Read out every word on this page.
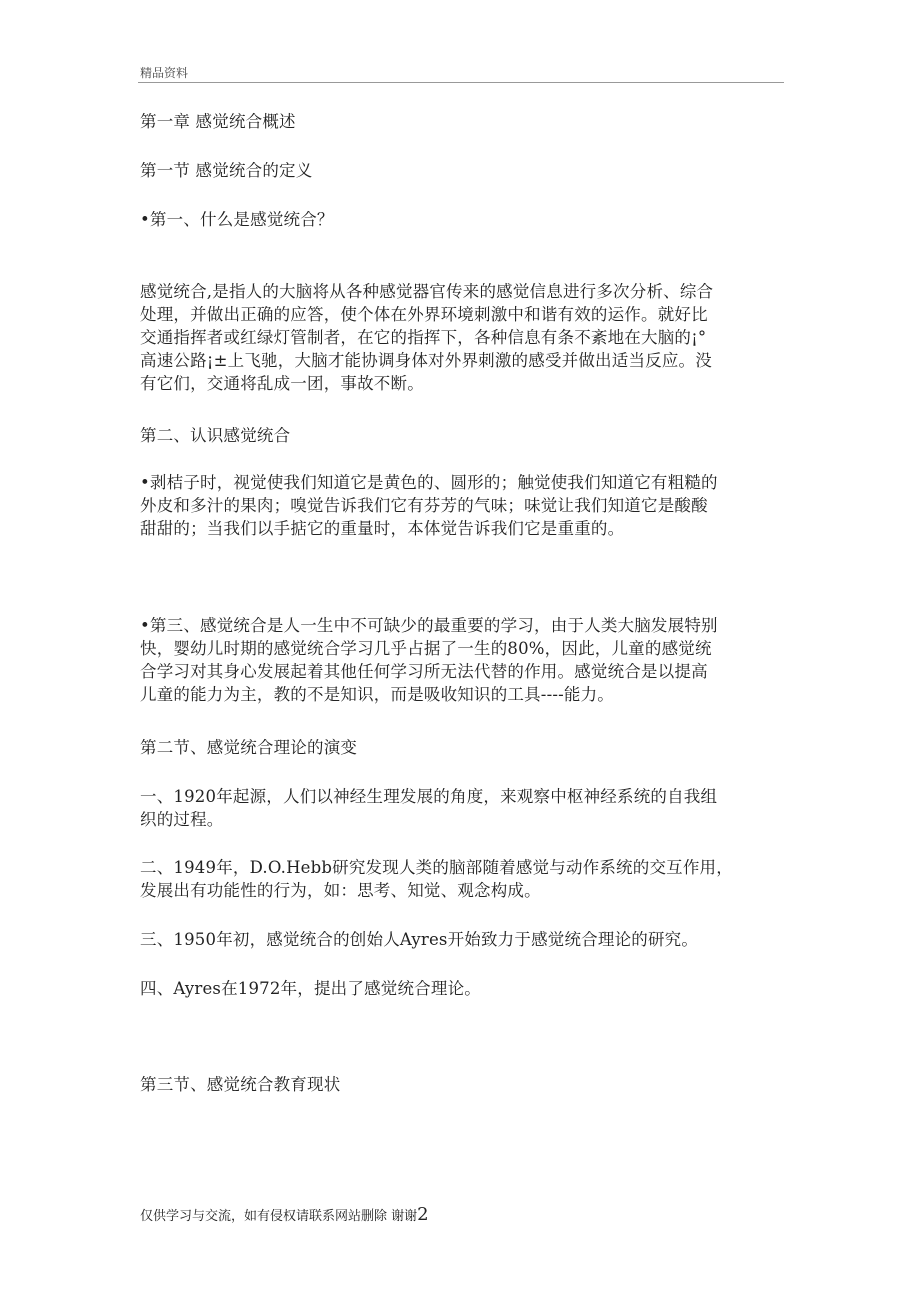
精品资料

第一章 感觉统合概述

第一节 感觉统合的定义

•第一、什么是感觉统合？

感觉统合,是指人的大脑将从各种感觉器官传来的感觉信息进行多次分析、综合

处理，并做出正确的应答，使个体在外界环境刺激中和谐有效的运作。就好比

交通指挥者或红绿灯管制者，在它的指挥下，各种信息有条不紊地在大脑的¡°

高速公路¡±上飞驰，大脑才能协调身体对外界刺激的感受并做出适当反应。没

有它们，交通将乱成一团，事故不断。

第二、认识感觉统合

•剥桔子时，视觉使我们知道它是黄色的、圆形的；触觉使我们知道它有粗糙的

外皮和多汁的果肉；嗅觉告诉我们它有芬芳的气味；味觉让我们知道它是酸酸

甜甜的；当我们以手掂它的重量时，本体觉告诉我们它是重重的。

•第三、感觉统合是人一生中不可缺少的最重要的学习，由于人类大脑发展特别

快，婴幼儿时期的感觉统合学习几乎占据了一生的80%，因此，儿童的感觉统

合学习对其身心发展起着其他任何学习所无法代替的作用。感觉统合是以提高

儿童的能力为主，教的不是知识，而是吸收知识的工具----能力。

第二节、感觉统合理论的演变

一、1920年起源，人们以神经生理发展的角度，来观察中枢神经系统的自我组

织的过程。

二、1949年，D.O.Hebb研究发现人类的脑部随着感觉与动作系统的交互作用，

发展出有功能性的行为，如：思考、知觉、观念构成。

三、1950年初，感觉统合的创始人Ayres开始致力于感觉统合理论的研究。

四、Ayres在1972年，提出了感觉统合理论。

第三节、感觉统合教育现状

仅供学习与交流，如有侵权请联系网站删除 谢谢2
